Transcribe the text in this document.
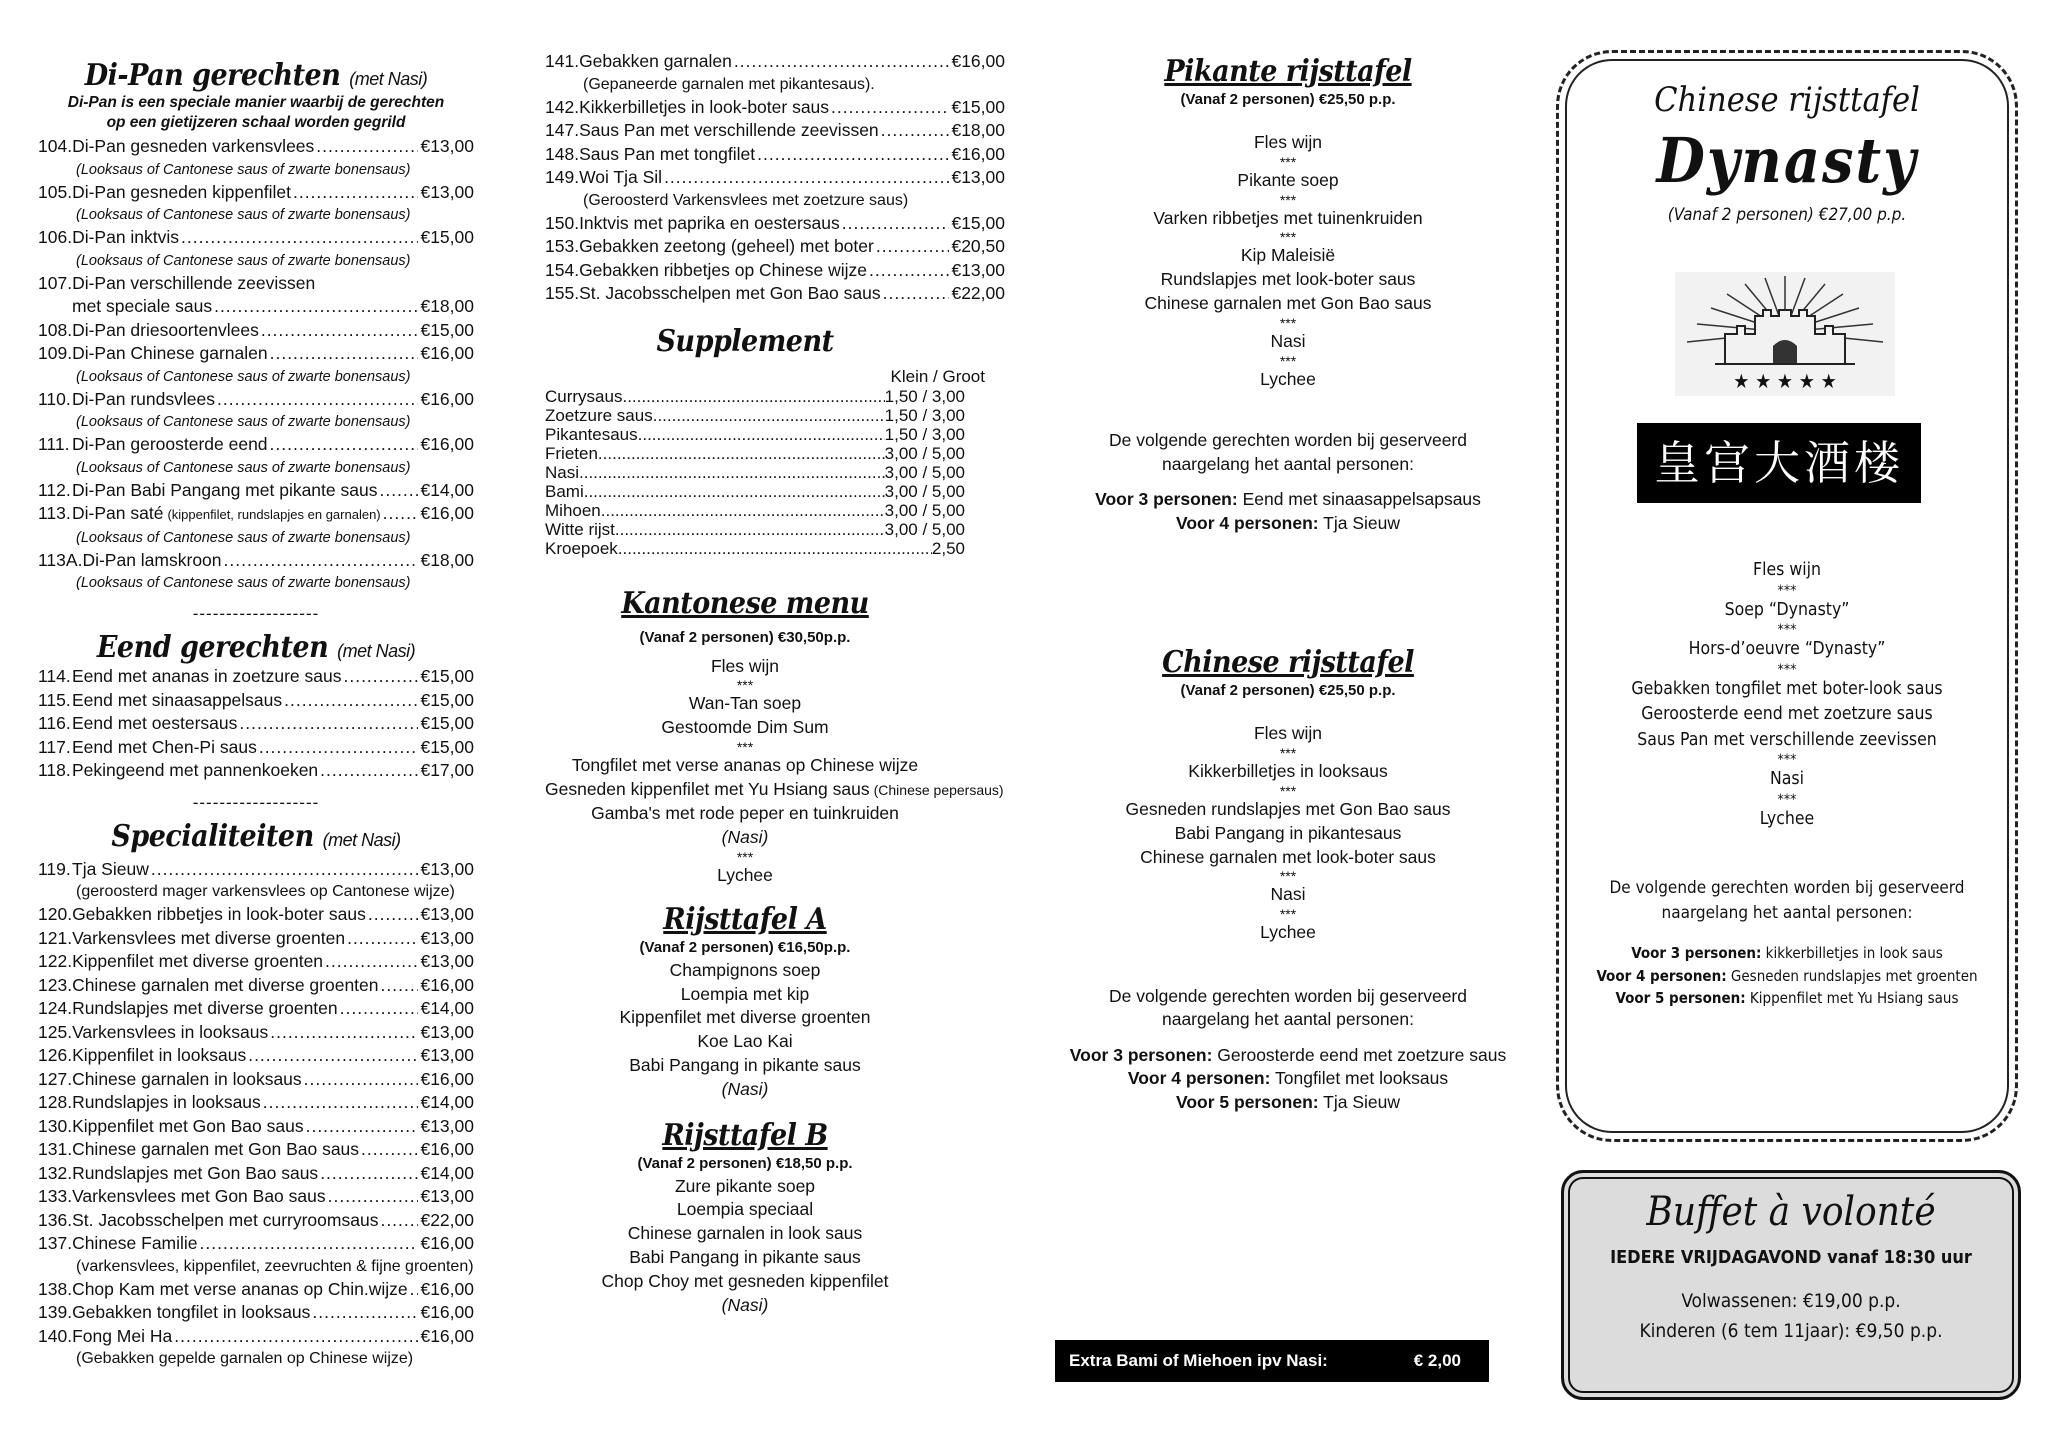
Di-Pan gerechten (met Nasi)
Di-Pan is een speciale manier waarbij de gerechten
op een gietijzeren schaal worden gegrild
104. Di-Pan gesneden varkensvlees .....	€13,00
(Looksaus of Cantonese saus of zwarte bonensaus)
105. Di-Pan gesneden kippenfilet .....	€13,00
(Looksaus of Cantonese saus of zwarte bonensaus)
106. Di-Pan inktvis .....	€15,00
(Looksaus of Cantonese saus of zwarte bonensaus)
107. Di-Pan verschillende zeevissen
met speciale saus .....	€18,00
108. Di-Pan driesoortenvlees .....	€15,00
109. Di-Pan Chinese garnalen .....	€16,00
(Looksaus of Cantonese saus of zwarte bonensaus)
110. Di-Pan rundsvlees .....	€16,00
(Looksaus of Cantonese saus of zwarte bonensaus)
111. Di-Pan geroosterde eend .....	€16,00
(Looksaus of Cantonese saus of zwarte bonensaus)
112. Di-Pan Babi Pangang met pikante saus ..... €14,00
113. Di-Pan saté (kippenfilet, rundslapjes en garnalen) ..... €16,00
(Looksaus of Cantonese saus of zwarte bonensaus)
113A. Di-Pan lamskroon .....	€18,00
(Looksaus of Cantonese saus of zwarte bonensaus)
-------------------
Eend gerechten (met Nasi)
114. Eend met ananas in zoetzure saus .....	€15,00
115. Eend met sinaasappelsaus .....	€15,00
116. Eend met oestersaus .....	€15,00
117. Eend met Chen-Pi saus .....	€15,00
118. Pekingeend met pannenkoeken .....	€17,00
-------------------
Specialiteiten (met Nasi)
119. Tja Sieuw .....	€13,00
(geroosterd mager varkensvlees op Cantonese wijze)
120. Gebakken ribbetjes in look-boter saus .....	€13,00
121. Varkensvlees met diverse groenten .....	€13,00
122. Kippenfilet met diverse groenten .....	€13,00
123. Chinese garnalen met diverse groenten ..... €16,00
124. Rundslapjes met diverse groenten .....	€14,00
125. Varkensvlees in looksaus .....	€13,00
126. Kippenfilet in looksaus .....	€13,00
127. Chinese garnalen in looksaus .....	€16,00
128. Rundslapjes in looksaus .....	€14,00
130. Kippenfilet met Gon Bao saus .....	€13,00
131. Chinese garnalen met Gon Bao saus .....	€16,00
132. Rundslapjes met Gon Bao saus .....	€14,00
133. Varkensvlees met Gon Bao saus .....	€13,00
136. St. Jacobsschelpen met curryroomsaus ..... €22,00
137. Chinese Familie .....	€16,00
(varkensvlees, kippenfilet, zeevruchten & fijne groenten)
138. Chop Kam met verse ananas op Chin.wijze ..... €16,00
139. Gebakken tongfilet in looksaus .....	€16,00
140. Fong Mei Ha .....	€16,00
(Gebakken gepelde garnalen op Chinese wijze)
141. Gebakken garnalen .....	€16,00
(Gepaneerde garnalen met pikantesaus).
142. Kikkerbilletjes in look-boter saus .....	€15,00
147. Saus Pan met verschillende zeevissen .....	€18,00
148. Saus Pan met tongfilet .....	€16,00
149. Woi Tja Sil .....	€13,00
(Geroosterd Varkensvlees met zoetzure saus)
150. Inktvis met paprika en oestersaus .....	€15,00
153. Gebakken zeetong (geheel) met boter .....	€20,50
154. Gebakken ribbetjes op Chinese wijze .....	€13,00
155. St. Jacobsschelpen met Gon Bao saus .....	€22,00
Supplement
Klein / Groot
Currysaus .....	1,50 / 3,00
Zoetzure saus .....	1,50 / 3,00
Pikantesaus .....	1,50 / 3,00
Frieten .....	3,00 / 5,00
Nasi .....	3,00 / 5,00
Bami .....	3,00 / 5,00
Mihoen .....	3,00 / 5,00
Witte rijst .....	3,00 / 5,00
Kroepoek .....	2,50
Kantonese menu
(Vanaf 2 personen) €30,50p.p.
Fles wijn
***
Wan-Tan soep
Gestoomde Dim Sum
***
Tongfilet met verse ananas op Chinese wijze
Gesneden kippenfilet met Yu Hsiang saus (Chinese pepersaus)
Gamba's met rode peper en tuinkruiden
(Nasi)
***
Lychee
Rijsttafel A
(Vanaf 2 personen) €16,50p.p.
Champignons soep
Loempia met kip
Kippenfilet met diverse groenten
Koe Lao Kai
Babi Pangang in pikante saus
(Nasi)
Rijsttafel B
(Vanaf 2 personen) €18,50 p.p.
Zure pikante soep
Loempia speciaal
Chinese garnalen in look saus
Babi Pangang in pikante saus
Chop Choy met gesneden kippenfilet
(Nasi)
Pikante rijsttafel
(Vanaf 2 personen) €25,50 p.p.
Fles wijn
***
Pikante soep
***
Varken ribbetjes met tuinenkruiden
***
Kip Maleisië
Rundslapjes met look-boter saus
Chinese garnalen met Gon Bao saus
***
Nasi
***
Lychee
De volgende gerechten worden bij geserveerd
naargelang het aantal personen:
Voor 3 personen: Eend met sinaasappelsapsaus
Voor 4 personen: Tja Sieuw
Chinese rijsttafel
(Vanaf 2 personen) €25,50 p.p.
Fles wijn
***
Kikkerbilletjes in looksaus
***
Gesneden rundslapjes met Gon Bao saus
Babi Pangang in pikantesaus
Chinese garnalen met look-boter saus
***
Nasi
***
Lychee
De volgende gerechten worden bij geserveerd
naargelang het aantal personen:
Voor 3 personen: Geroosterde eend met zoetzure saus
Voor 4 personen: Tongfilet met looksaus
Voor 5 personen: Tja Sieuw
Extra Bami of Miehoen ipv Nasi:	€ 2,00
Chinese rijsttafel
Dynasty
(Vanaf 2 personen) €27,00 p.p.
★ ★ ★ ★ ★
皇宫大酒楼
Fles wijn
***
Soep “Dynasty”
***
Hors-d’oeuvre “Dynasty”
***
Gebakken tongfilet met boter-look saus
Geroosterde eend met zoetzure saus
Saus Pan met verschillende zeevissen
***
Nasi
***
Lychee
De volgende gerechten worden bij geserveerd
naargelang het aantal personen:
Voor 3 personen: kikkerbilletjes in look saus
Voor 4 personen: Gesneden rundslapjes met groenten
Voor 5 personen: Kippenfilet met Yu Hsiang saus
Buffet à volonté
IEDERE VRIJDAGAVOND vanaf 18:30 uur
Volwassenen: €19,00 p.p.
Kinderen (6 tem 11jaar): €9,50 p.p.
